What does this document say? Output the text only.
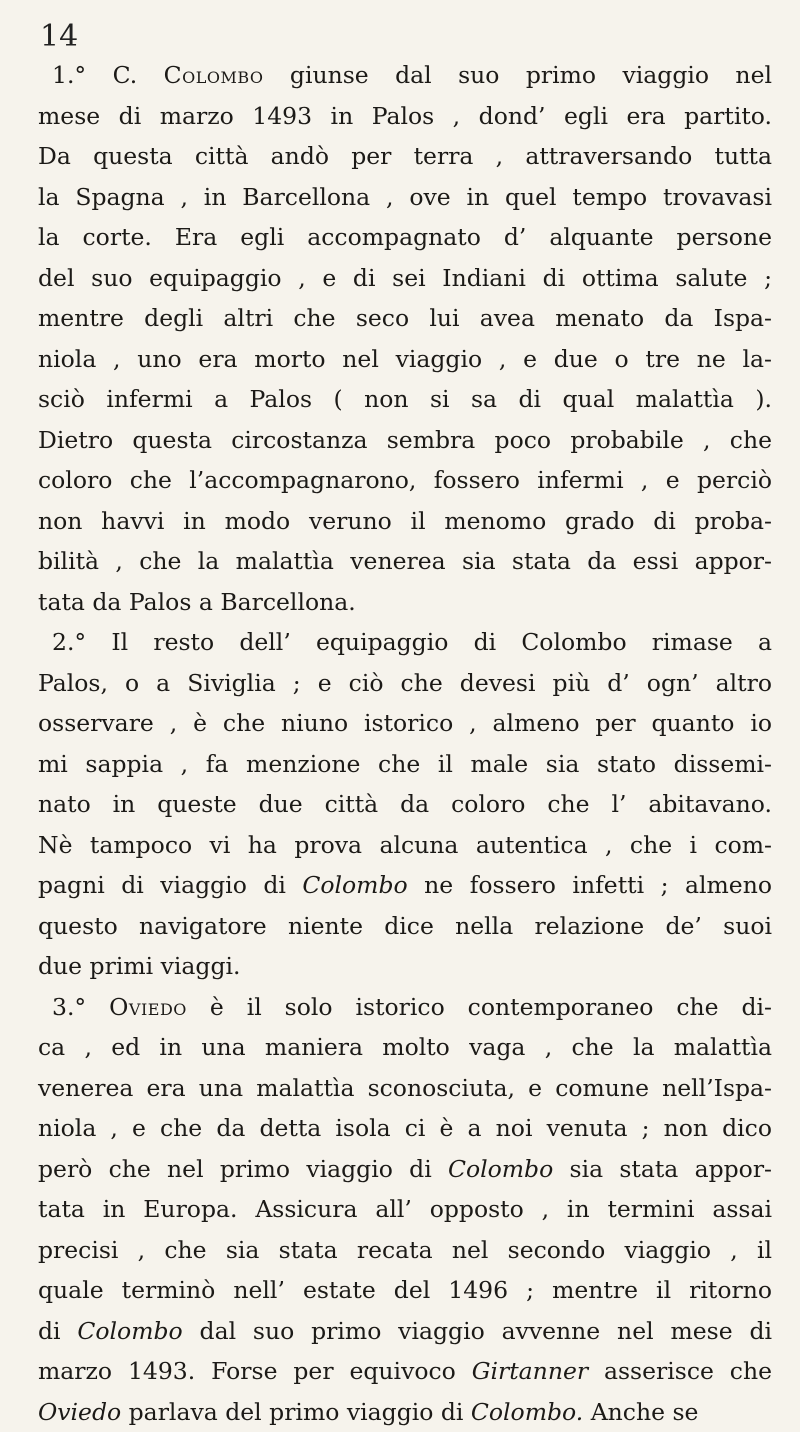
14
1.° C. Colombo giunse dal suo primo viaggio nel
mese di marzo 1493 in Palos , dond’ egli era partito.
Da questa città andò per terra , attraversando tutta
la Spagna , in Barcellona , ove in quel tempo trovavasi
la corte. Era egli accompagnato d’ alquante persone
del suo equipaggio , e di sei Indiani di ottima salute ;
mentre degli altri che seco lui avea menato da Ispa-
niola , uno era morto nel viaggio , e due o tre ne la-
sciò infermi a Palos ( non si sa di qual malattìa ).
Dietro questa circostanza sembra poco probabile , che
coloro che l’accompagnarono, fossero infermi , e perciò
non havvi in modo veruno il menomo grado di proba-
bilità , che la malattìa venerea sia stata da essi appor-
tata da Palos a Barcellona.
2.° Il resto dell’ equipaggio di Colombo rimase a
Palos, o a Siviglia ; e ciò che devesi più d’ ogn’ altro
osservare , è che niuno istorico , almeno per quanto io
mi sappia , fa menzione che il male sia stato dissemi-
nato in queste due città da coloro che l’ abitavano.
Nè tampoco vi ha prova alcuna autentica , che i com-
pagni di viaggio di Colombo ne fossero infetti ; almeno
questo navigatore niente dice nella relazione de’ suoi
due primi viaggi.
3.° Oviedo è il solo istorico contemporaneo che di-
ca , ed in una maniera molto vaga , che la malattìa
venerea era una malattìa sconosciuta, e comune nell’Ispa-
niola , e che da detta isola ci è a noi venuta ; non dico
però che nel primo viaggio di Colombo sia stata appor-
tata in Europa. Assicura all’ opposto , in termini assai
precisi , che sia stata recata nel secondo viaggio , il
quale terminò nell’ estate del 1496 ; mentre il ritorno
di Colombo dal suo primo viaggio avvenne nel mese di
marzo 1493. Forse per equivoco Girtanner asserisce che
Oviedo parlava del primo viaggio di Colombo. Anche se
